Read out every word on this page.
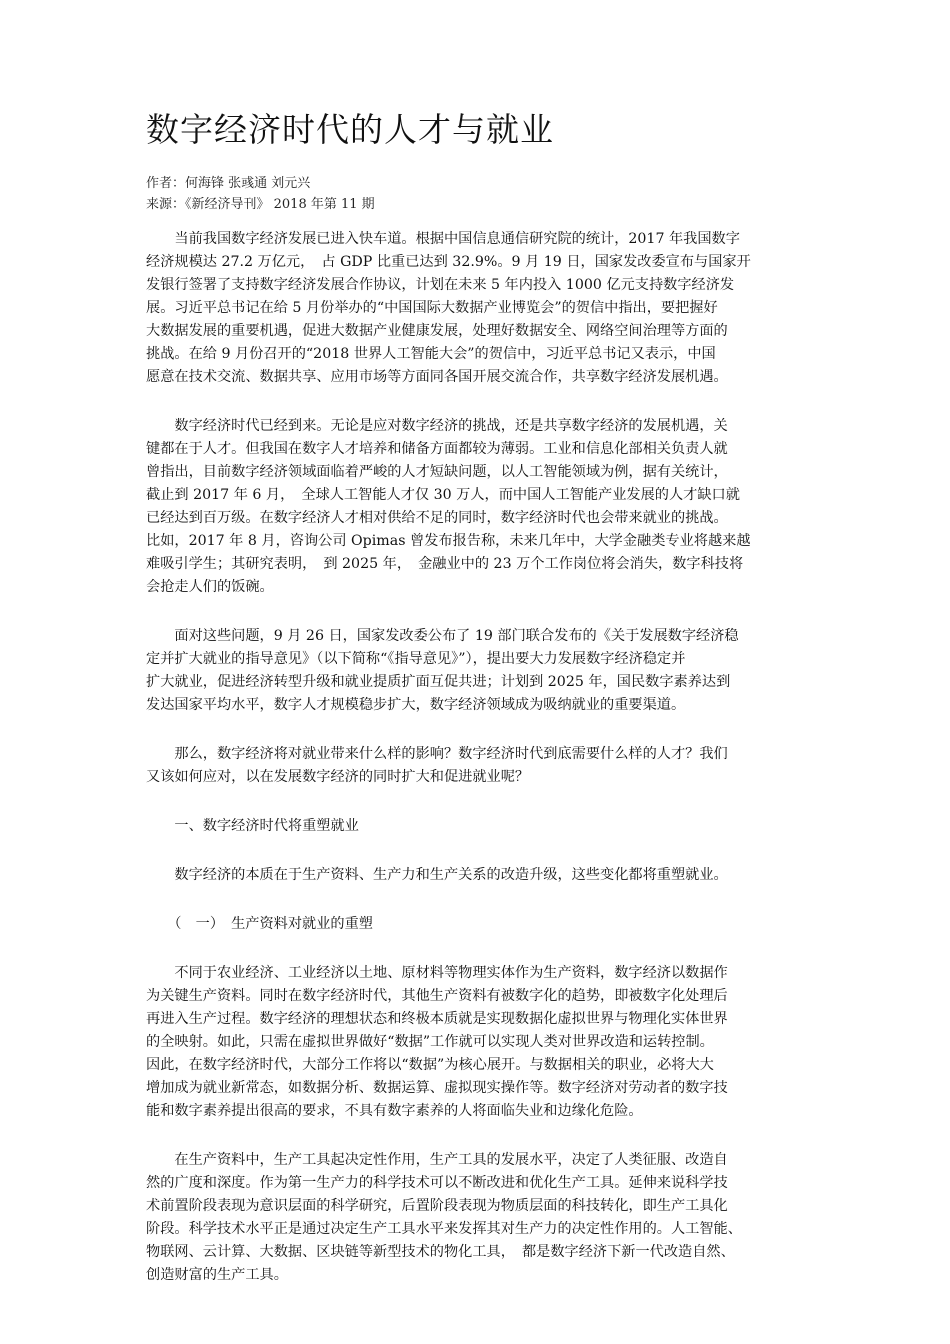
数字经济时代的人才与就业
作者：何海锋 张彧通 刘元兴
来源：《新经济导刊》 2018 年第 11 期
　　当前我国数字经济发展已进入快车道。根据中国信息通信研究院的统计，2017 年我国数字
经济规模达 27.2 万亿元，　占 GDP 比重已达到 32.9%。9 月 19 日，国家发改委宣布与国家开
发银行签署了支持数字经济发展合作协议，计划在未来 5 年内投入 1000 亿元支持数字经济发
展。习近平总书记在给 5 月份举办的“中国国际大数据产业博览会”的贺信中指出，要把握好
大数据发展的重要机遇，促进大数据产业健康发展，处理好数据安全、网络空间治理等方面的
挑战。在给 9 月份召开的“2018 世界人工智能大会”的贺信中，习近平总书记又表示，中国
愿意在技术交流、数据共享、应用市场等方面同各国开展交流合作，共享数字经济发展机遇。
　　数字经济时代已经到来。无论是应对数字经济的挑战，还是共享数字经济的发展机遇，关
键都在于人才。但我国在数字人才培养和储备方面都较为薄弱。工业和信息化部相关负责人就
曾指出，目前数字经济领域面临着严峻的人才短缺问题，以人工智能领域为例，据有关统计，
截止到 2017 年 6 月，　全球人工智能人才仅 30 万人，而中国人工智能产业发展的人才缺口就
已经达到百万级。在数字经济人才相对供给不足的同时，数字经济时代也会带来就业的挑战。
比如，2017 年 8 月，咨询公司 Opimas 曾发布报告称，未来几年中，大学金融类专业将越来越
难吸引学生；其研究表明，　到 2025 年，　金融业中的 23 万个工作岗位将会消失，数字科技将
会抢走人们的饭碗。
　　面对这些问题，9 月 26 日，国家发改委公布了 19 部门联合发布的《关于发展数字经济稳
定并扩大就业的指导意见》（以下简称“《指导意见》”），提出要大力发展数字经济稳定并
扩大就业，促进经济转型升级和就业提质扩面互促共进；计划到 2025 年，国民数字素养达到
发达国家平均水平，数字人才规模稳步扩大，数字经济领域成为吸纳就业的重要渠道。
　　那么，数字经济将对就业带来什么样的影响？数字经济时代到底需要什么样的人才？我们
又该如何应对，以在发展数字经济的同时扩大和促进就业呢？
　　一、数字经济时代将重塑就业
　　数字经济的本质在于生产资料、生产力和生产关系的改造升级，这些变化都将重塑就业。
　　（　一）　生产资料对就业的重塑
　　不同于农业经济、工业经济以土地、原材料等物理实体作为生产资料，数字经济以数据作
为关键生产资料。同时在数字经济时代，其他生产资料有被数字化的趋势，即被数字化处理后
再进入生产过程。数字经济的理想状态和终极本质就是实现数据化虚拟世界与物理化实体世界
的全映射。如此，只需在虚拟世界做好“数据”工作就可以实现人类对世界改造和运转控制。
因此，在数字经济时代，大部分工作将以“数据”为核心展开。与数据相关的职业，必将大大
增加成为就业新常态，如数据分析、数据运算、虚拟现实操作等。数字经济对劳动者的数字技
能和数字素养提出很高的要求，不具有数字素养的人将面临失业和边缘化危险。
　　在生产资料中，生产工具起决定性作用，生产工具的发展水平，决定了人类征服、改造自
然的广度和深度。作为第一生产力的科学技术可以不断改进和优化生产工具。延伸来说科学技
术前置阶段表现为意识层面的科学研究，后置阶段表现为物质层面的科技转化，即生产工具化
阶段。科学技术水平正是通过决定生产工具水平来发挥其对生产力的决定性作用的。人工智能、
物联网、云计算、大数据、区块链等新型技术的物化工具，　都是数字经济下新一代改造自然、
创造财富的生产工具。
